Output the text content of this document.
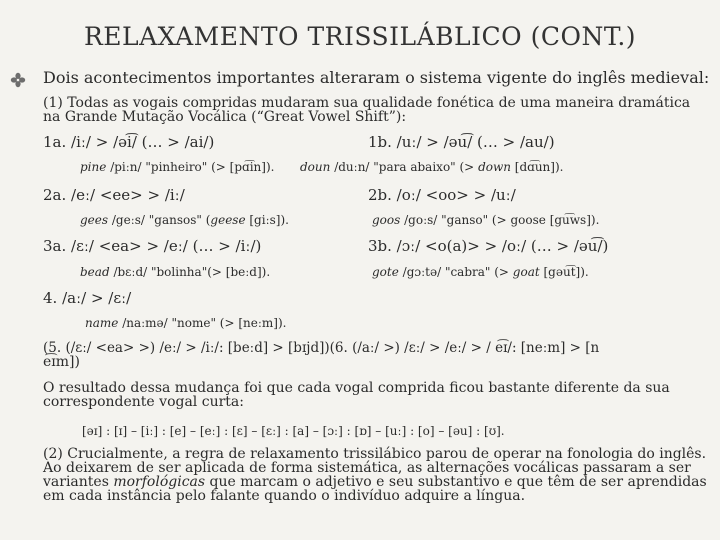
RELAXAMENTO TRISSILÁBLICO (CONT.)
Dois acontecimentos importantes alteraram o sistema vigente do inglês medieval:
(1) Todas as vogais compridas mudaram sua qualidade fonética de uma maneira dramática
na Grande Mutação Vocálica (“Great Vowel Shift”):
1a. /iː/ > /əi͡/ (… > /ai/)	1b. /uː/ > /əu͡/ (… > /au/)
pine /piːn/ "pinheiro" (> [pɑ͡in]). doun /duːn/ "para abaixo" (> down [dɑ͡un]).
2a. /eː/ <ee> > /iː/	2b. /oː/ <oo> > /uː/
gees /geːs/ "gansos" (geese [giːs]).	goos /goːs/ "ganso" (> goose [gu͡ws]).
3a. /ɛː/ <ea> > /eː/ (… > /iː/)	3b. /ɔː/ <o(a)> > /oː/ (… > /əu͡/)
bead /bɛːd/ "bolinha"(> [beːd]).	gote /gɔːtə/ "cabra" (> goat [gəu͡t]).
4. /aː/ > /ɛː/
name /naːmə/ "nome" (> [neːm]).
(5. (/ɛː/ <ea> >) /eː/ > /iː/: [beːd] > [bɪjd])(6. (/aː/ >) /ɛː/ > /eː/ > / e͡ɪ/: [neːm] > [n
e͡ɪm])
O resultado dessa mudança foi que cada vogal comprida ficou bastante diferente da sua
correspondente vogal curta:
[əɪ] : [ɪ] – [iː] : [e] – [eː] : [ɛ] – [ɛː] : [a] – [ɔː] : [ɒ] – [uː] : [o] – [əu] : [ʊ].
(2) Crucialmente, a regra de relaxamento trissilábico parou de operar na fonologia do inglês.
Ao deixarem de ser aplicada de forma sistemática, as alternações vocálicas passaram a ser
variantes morfológicas que marcam o adjetivo e seu substantivo e que têm de ser aprendidas
em cada instância pelo falante quando o indivíduo adquire a língua.
